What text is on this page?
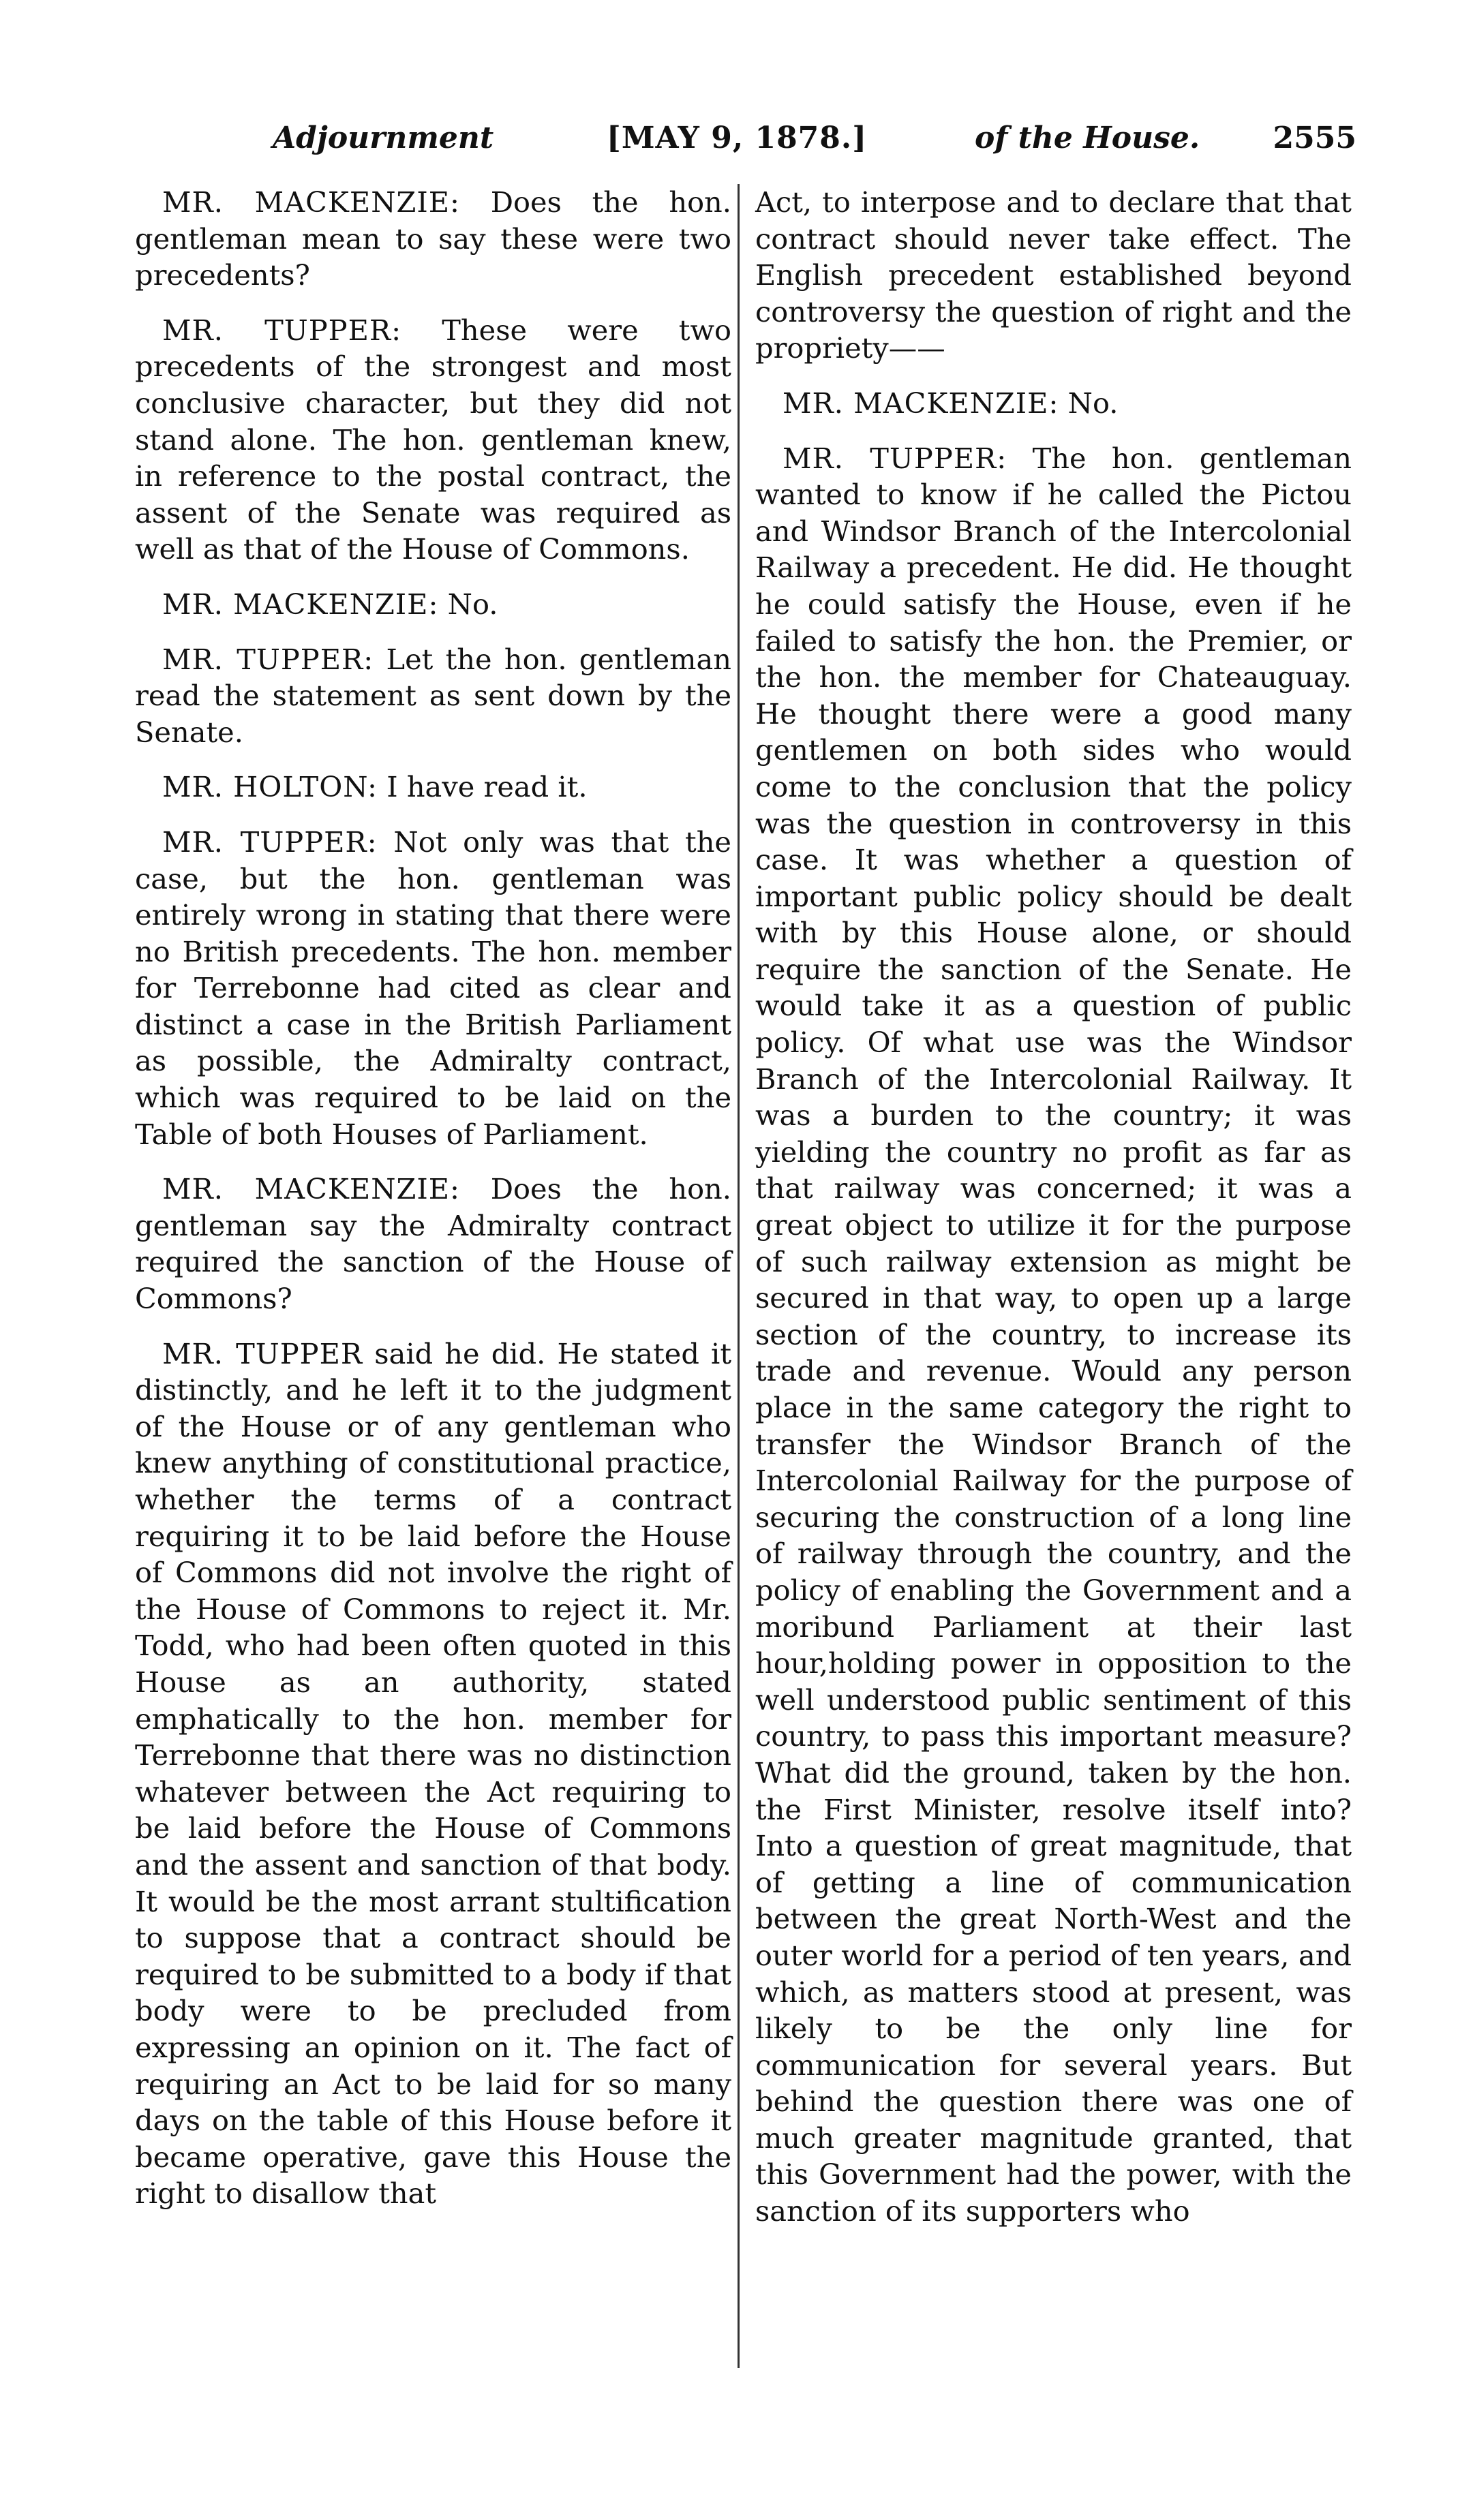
Adjournment	[MAY 9, 1878.]	of the House. 2555

MR. MACKENZIE: Does the hon. gentleman mean to say these were two precedents?

MR. TUPPER: These were two precedents of the strongest and most conclusive character, but they did not stand alone. The hon. gentleman knew, in reference to the postal contract, the assent of the Senate was required as well as that of the House of Commons.

MR. MACKENZIE: No.

MR. TUPPER: Let the hon. gentleman read the statement as sent down by the Senate.

MR. HOLTON: I have read it.

MR. TUPPER: Not only was that the case, but the hon. gentleman was entirely wrong in stating that there were no British precedents. The hon. member for Terrebonne had cited as clear and distinct a case in the British Parliament as possible, the Admiralty contract, which was required to be laid on the Table of both Houses of Parliament.

MR. MACKENZIE: Does the hon. gentleman say the Admiralty contract required the sanction of the House of Commons?

MR. TUPPER said he did. He stated it distinctly, and he left it to the judgment of the House or of any gentleman who knew anything of constitutional practice, whether the terms of a contract requiring it to be laid before the House of Commons did not involve the right of the House of Commons to reject it. Mr. Todd, who had been often quoted in this House as an authority, stated emphatically to the hon. member for Terrebonne that there was no distinction whatever between the Act requiring to be laid before the House of Commons and the assent and sanction of that body. It would be the most arrant stultification to suppose that a contract should be required to be submitted to a body if that body were to be precluded from expressing an opinion on it. The fact of requiring an Act to be laid for so many days on the table of this House before it became operative, gave this House the right to disallow that

Act, to interpose and to declare that that contract should never take effect. The English precedent established beyond controversy the question of right and the propriety——

MR. MACKENZIE: No.

MR. TUPPER: The hon. gentleman wanted to know if he called the Pictou and Windsor Branch of the Intercolonial Railway a precedent. He did. He thought he could satisfy the House, even if he failed to satisfy the hon. the Premier, or the hon. the member for Chateauguay. He thought there were a good many gentlemen on both sides who would come to the conclusion that the policy was the question in controversy in this case. It was whether a question of important public policy should be dealt with by this House alone, or should require the sanction of the Senate. He would take it as a question of public policy. Of what use was the Windsor Branch of the Intercolonial Railway. It was a burden to the country; it was yielding the country no profit as far as that railway was concerned; it was a great object to utilize it for the purpose of such railway extension as might be secured in that way, to open up a large section of the country, to increase its trade and revenue. Would any person place in the same category the right to transfer the Windsor Branch of the Intercolonial Railway for the purpose of securing the construction of a long line of railway through the country, and the policy of enabling the Government and a moribund Parliament at their last hour,holding power in opposition to the well understood public sentiment of this country, to pass this important measure? What did the ground, taken by the hon. the First Minister, resolve itself into? Into a question of great magnitude, that of getting a line of communication between the great North-West and the outer world for a period of ten years, and which, as matters stood at present, was likely to be the only line for communication for several years. But behind the question there was one of much greater magnitude granted, that this Government had the power, with the sanction of its supporters who
